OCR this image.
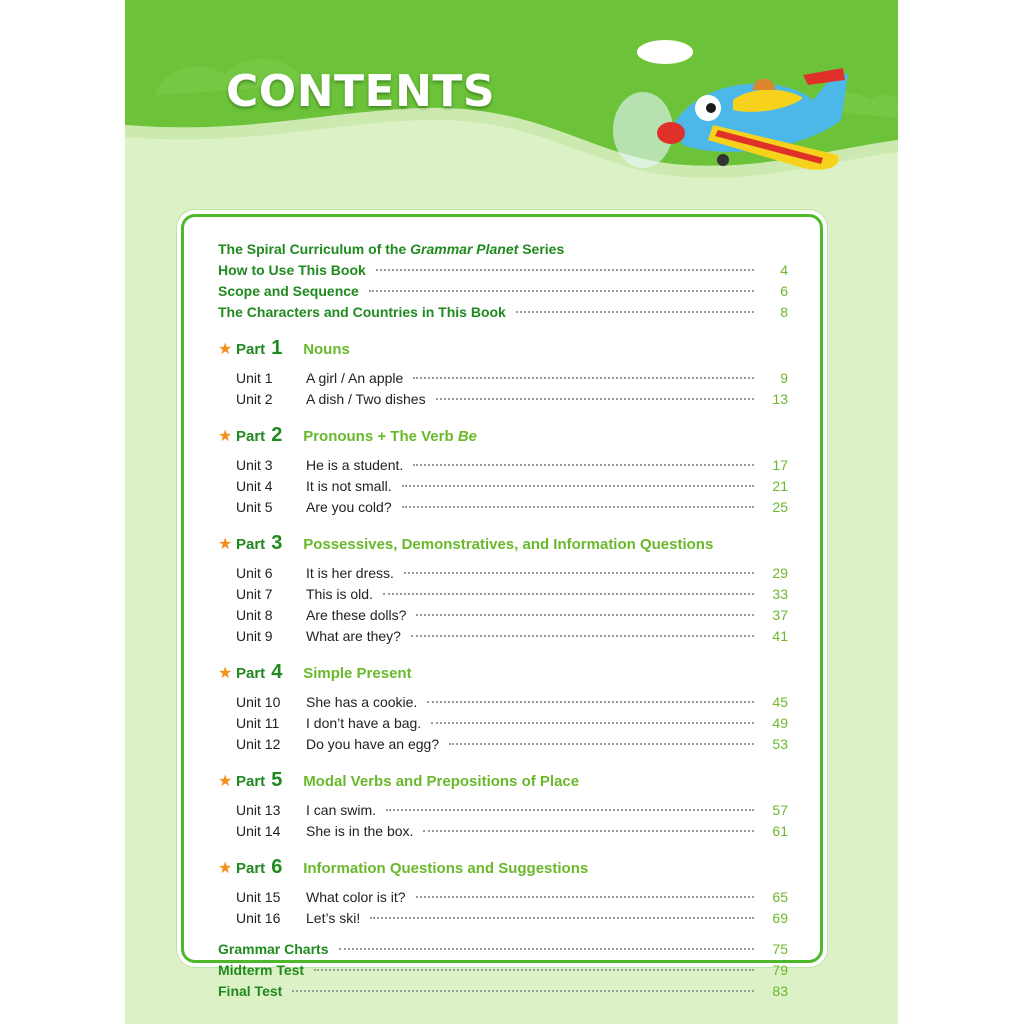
CONTENTS
The Spiral Curriculum of the Grammar Planet Series
How to Use This Book	4
Scope and Sequence	6
The Characters and Countries in This Book	8
★ Part 1	Nouns
Unit 1	A girl / An apple	9
Unit 2	A dish / Two dishes	13
★ Part 2	Pronouns + The Verb Be
Unit 3	He is a student.	17
Unit 4	It is not small.	21
Unit 5	Are you cold?	25
★ Part 3	Possessives, Demonstratives, and Information Questions
Unit 6	It is her dress.	29
Unit 7	This is old.	33
Unit 8	Are these dolls?	37
Unit 9	What are they?	41
★ Part 4	Simple Present
Unit 10	She has a cookie.	45
Unit 11	I don’t have a bag.	49
Unit 12	Do you have an egg?	53
★ Part 5	Modal Verbs and Prepositions of Place
Unit 13	I can swim.	57
Unit 14	She is in the box.	61
★ Part 6	Information Questions and Suggestions
Unit 15	What color is it?	65
Unit 16	Let’s ski!	69
Grammar Charts	75
Midterm Test	79
Final Test	83
